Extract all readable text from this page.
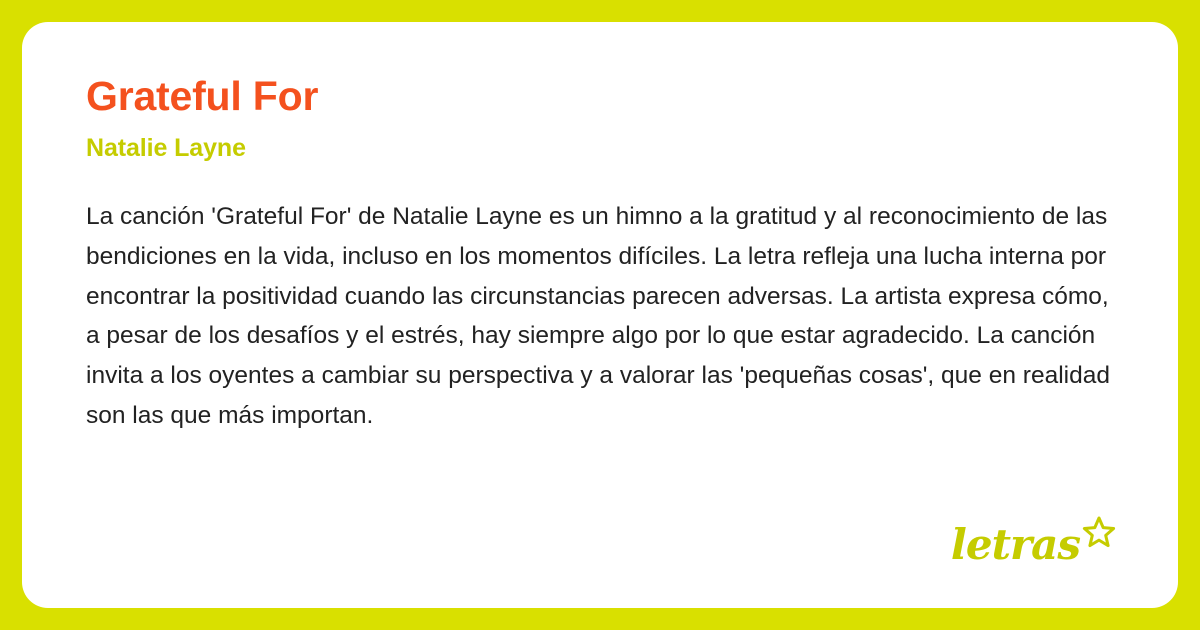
Grateful For
Natalie Layne

La canción 'Grateful For' de Natalie Layne es un himno a la gratitud y al reconocimiento de las bendiciones en la vida, incluso en los momentos difíciles. La letra refleja una lucha interna por encontrar la positividad cuando las circunstancias parecen adversas. La artista expresa cómo, a pesar de los desafíos y el estrés, hay siempre algo por lo que estar agradecido. La canción invita a los oyentes a cambiar su perspectiva y a valorar las 'pequeñas cosas', que en realidad son las que más importan.

letras
